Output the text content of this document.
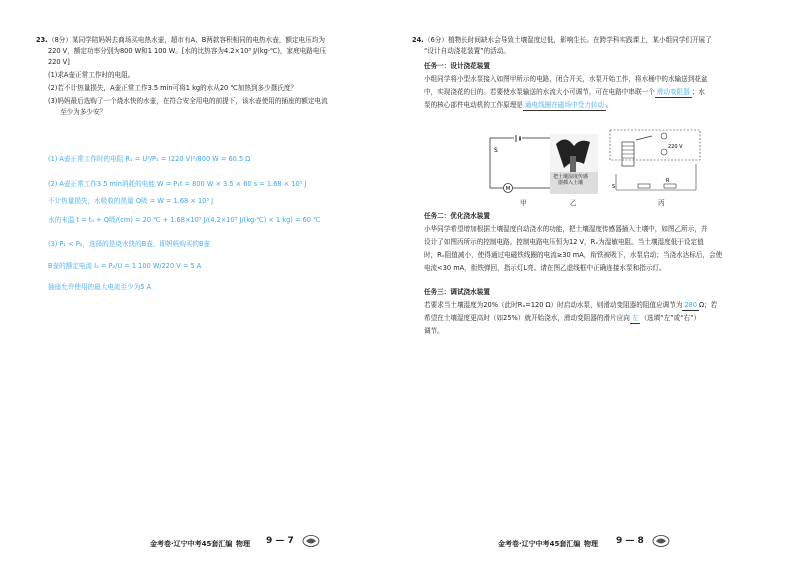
23. （8分）某同学陪妈妈去商场买电热水壶，超市有A、B两款容积相同的电热水壶，额定电压均为
220 V，额定功率分别为800 W和1 100 W。[水的比热容为4.2×10³ J/(kg·℃)，家庭电路电压
220 V]
(1)求A壶正常工作时的电阻。
(2)若不计热量损失，A壶正常工作3.5 min可将1 kg的水从20 ℃加热到多少摄氏度？
(3)妈妈最后选购了一个烧水快的水壶，在符合安全用电的前提下，该水壶使用的插座的额定电流
至少为多少安？
(1) A壶正常工作时的电阻 R₁ = U²/P₁ = (220 V)²/800 W = 60.5 Ω
(2) A壶正常工作3.5 min消耗的电能 W = P₁t = 800 W × 3.5 × 60 s = 1.68 × 10⁵ J
不计热量损失，水吸收的热量 Q吸 = W = 1.68 × 10⁵ J
水的末温 t = t₀ + Q吸/(cm) = 20 ℃ + 1.68×10⁵ J/(4.2×10³ J/(kg·℃) × 1 kg) = 60 ℃
(3) P₁ < P₂，选择的是烧水快的B壶，即妈妈购买的B壶
B壶的额定电流 I₂ = P₂/U = 1 100 W/220 V = 5 A
插座允许使用的最大电流至少为5 A
金考卷·辽宁中考45套汇编 物理 9 — 7
24. （6分）植物长时间缺水会导致土壤湿度过低，影响生长。在跨学科实践课上，某小组同学们开展了
“设计自动浇花装置”的活动。
任务一：设计浇花装置
小组同学将小型水泵接入如图甲所示的电路，闭合开关，水泵开始工作，将水桶中的水输送到花盆
中，实现浇花的目的。若要使水泵输送的水流大小可调节，可在电路中串联一个 滑动变阻器 ；水
泵的核心部件电动机的工作原理是 通电线圈在磁场中受力转动 。
M
S
甲
把土壤湿度传感
器插入土壤
乙
220 V
S
R
丙
任务二：优化浇水装置
小华同学希望增加根据土壤湿度自动浇水的功能，把土壤湿度传感器插入土壤中，如图乙所示，并
设计了如图丙所示的控制电路。控制电路电压恒为12 V，Rₓ为湿敏电阻。当土壤湿度低于设定值
时，Rₓ阻值减小，使得通过电磁铁线圈的电流≥30 mA，衔铁被吸下，水泵启动；当浇水达标后，会使
电流<30 mA，衔铁弹回，指示灯L亮。请在图乙虚线框中正确连接水泵和指示灯。
任务三：调试浇水装置
若要求当土壤湿度为20%（此时Rₓ=120 Ω）时启动水泵，则滑动变阻器的阻值应调节为 280 Ω；若
希望在土壤湿度更高时（如25%）就开始浇水，滑动变阻器的滑片应向 左 （选填“左”或“右”）
调节。
金考卷·辽宁中考45套汇编 物理 9 — 8
